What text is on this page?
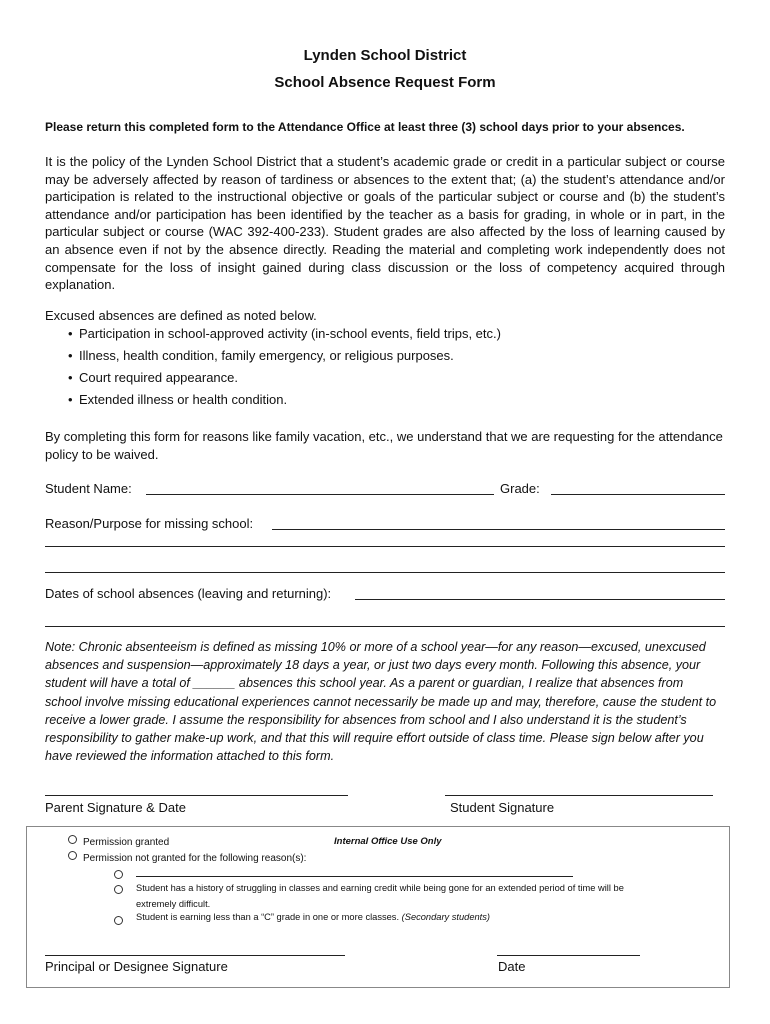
Lynden School District
School Absence Request Form
Please return this completed form to the Attendance Office at least three (3) school days prior to your absences.
It is the policy of the Lynden School District that a student’s academic grade or credit in a particular subject or course may be adversely affected by reason of tardiness or absences to the extent that; (a) the student’s attendance and/or participation is related to the instructional objective or goals of the particular subject or course and (b) the student’s attendance and/or participation has been identified by the teacher as a basis for grading, in whole or in part, in the particular subject or course (WAC 392-400-233). Student grades are also affected by the loss of learning caused by an absence even if not by the absence directly. Reading the material and completing work independently does not compensate for the loss of insight gained during class discussion or the loss of competency acquired through explanation.
Excused absences are defined as noted below.
• Participation in school-approved activity (in-school events, field trips, etc.)
• Illness, health condition, family emergency, or religious purposes.
• Court required appearance.
• Extended illness or health condition.
By completing this form for reasons like family vacation, etc., we understand that we are requesting for the attendance policy to be waived.
Student Name:	Grade:
Reason/Purpose for missing school:
Dates of school absences (leaving and returning):
Note: Chronic absenteeism is defined as missing 10% or more of a school year—for any reason—excused, unexcused
absences and suspension—approximately 18 days a year, or just two days every month. Following this absence, your
student will have a total of ______ absences this school year. As a parent or guardian, I realize that absences from
school involve missing educational experiences cannot necessarily be made up and may, therefore, cause the student to
receive a lower grade. I assume the responsibility for absences from school and I also understand it is the student’s
responsibility to gather make-up work, and that this will require effort outside of class time. Please sign below after you
have reviewed the information attached to this form.
Parent Signature & Date	Student Signature
Permission granted	Internal Office Use Only
Permission not granted for the following reason(s):
Student has a history of struggling in classes and earning credit while being gone for an extended period of time will be
extremely difficult.
Student is earning less than a “C” grade in one or more classes. (Secondary students)
Principal or Designee Signature	Date
